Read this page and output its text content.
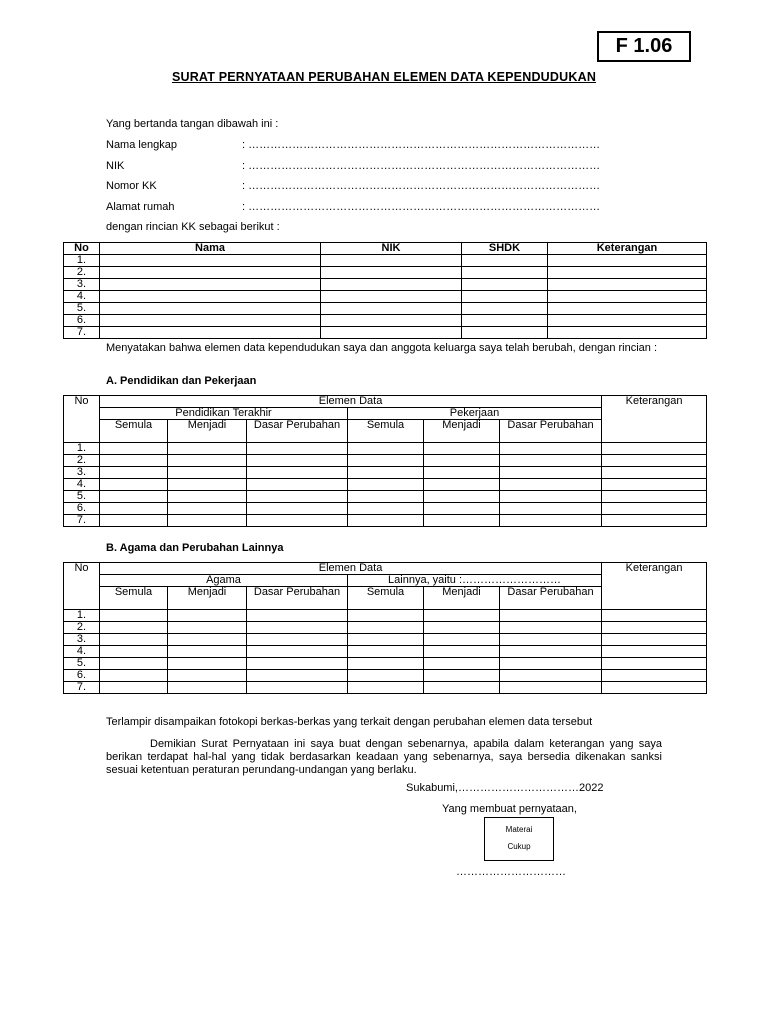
F 1.06
SURAT PERNYATAAN PERUBAHAN ELEMEN DATA KEPENDUDUKAN
Yang bertanda tangan dibawah ini :
Nama lengkap	: ……………………………………………………………………………………
NIK	: ……………………………………………………………………………………
Nomor KK	: ……………………………………………………………………………………
Alamat rumah	: ……………………………………………………………………………………
dengan rincian KK sebagai berikut :
No	Nama	NIK	SHDK	Keterangan
1.				
2.				
3.				
4.				
5.				
6.				
7.				
Menyatakan bahwa elemen data kependudukan saya dan anggota keluarga saya telah berubah, dengan rincian :
A. Pendidikan dan Pekerjaan
No	Elemen Data						Keterangan
	Pendidikan Terakhir			Pekerjaan			
	Semula	Menjadi	Dasar Perubahan	Semula	Menjadi	Dasar Perubahan	
1.							
2.							
3.							
4.							
5.							
6.							
7.							
B. Agama dan Perubahan Lainnya
No	Elemen Data						Keterangan
	Agama			Lainnya, yaitu :………………………			
	Semula	Menjadi	Dasar Perubahan	Semula	Menjadi	Dasar Perubahan	
1.							
2.							
3.							
4.							
5.							
6.							
7.							
Terlampir disampaikan fotokopi berkas-berkas yang terkait dengan perubahan elemen data tersebut
Demikian Surat Pernyataan ini saya buat dengan sebenarnya, apabila dalam keterangan yang saya berikan terdapat hal-hal yang tidak berdasarkan keadaan yang sebenarnya, saya bersedia dikenakan sanksi sesuai ketentuan peraturan perundang-undangan yang berlaku.
Sukabumi,……………………………2022
Yang membuat pernyataan,
Materai
Cukup
…………………………
